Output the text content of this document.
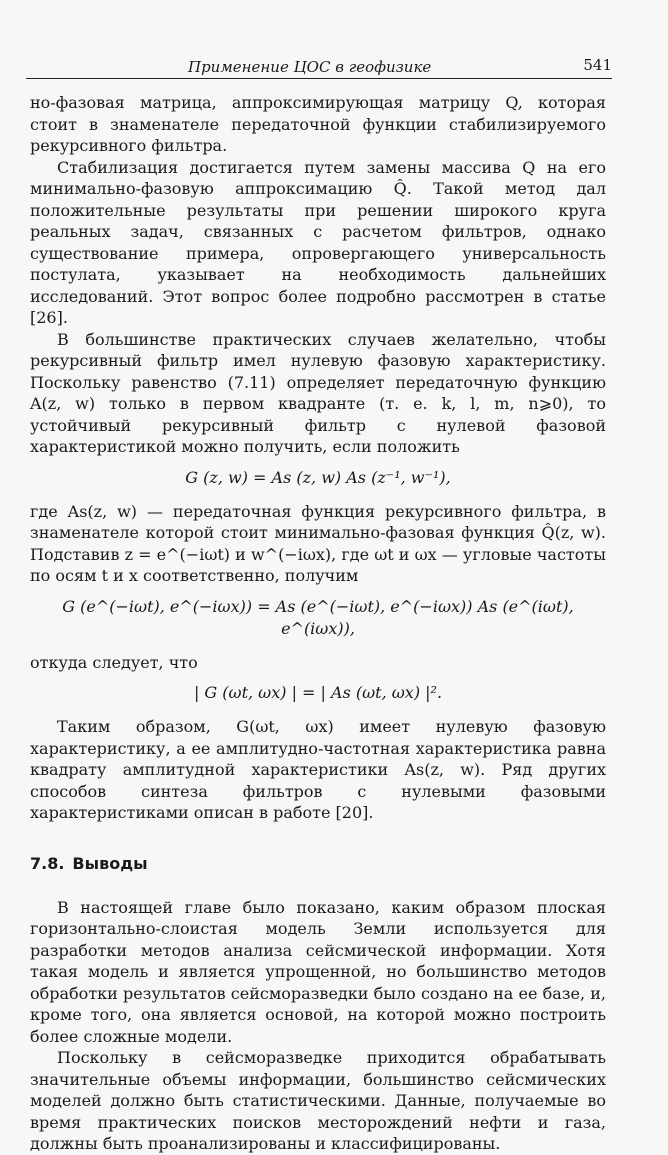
Применение ЦОС в геофизике	541

но-фазовая матрица, аппроксимирующая матрицу Q, которая стоит в знаменателе передаточной функции стабилизируемого рекурсивного фильтра.

Стабилизация достигается путем замены массива Q на его минимально-фазовую аппроксимацию Q̂. Такой метод дал положительные результаты при решении широкого круга реальных задач, связанных с расчетом фильтров, однако существование примера, опровергающего универсальность постулата, указывает на необходимость дальнейших исследований. Этот вопрос более подробно рассмотрен в статье [26].

В большинстве практических случаев желательно, чтобы рекурсивный фильтр имел нулевую фазовую характеристику. Поскольку равенство (7.11) определяет передаточную функцию A(z, w) только в первом квадранте (т. е. k, l, m, n⩾0), то устойчивый рекурсивный фильтр с нулевой фазовой характеристикой можно получить, если положить

G (z, w) = As (z, w) As (z⁻¹, w⁻¹),

где As(z, w) — передаточная функция рекурсивного фильтра, в знаменателе которой стоит минимально-фазовая функция Q̂(z, w). Подставив z = e^(−iωt) и w^(−iωx), где ωt и ωx — угловые частоты по осям t и x соответственно, получим

G (e^(−iωt), e^(−iωx)) = As (e^(−iωt), e^(−iωx)) As (e^(iωt), e^(iωx)),

откуда следует, что

| G (ωt, ωx) | = | As (ωt, ωx) |².

Таким образом, G(ωt, ωx) имеет нулевую фазовую характеристику, а ее амплитудно-частотная характеристика равна квадрату амплитудной характеристики As(z, w). Ряд других способов синтеза фильтров с нулевыми фазовыми характеристиками описан в работе [20].

7.8. Выводы

В настоящей главе было показано, каким образом плоская горизонтально-слоистая модель Земли используется для разработки методов анализа сейсмической информации. Хотя такая модель и является упрощенной, но большинство методов обработки результатов сейсморазведки было создано на ее базе, и, кроме того, она является основой, на которой можно построить более сложные модели.

Поскольку в сейсморазведке приходится обрабатывать значительные объемы информации, большинство сейсмических моделей должно быть статистическими. Данные, получаемые во время практических поисков месторождений нефти и газа, должны быть проанализированы и классифицированы.
